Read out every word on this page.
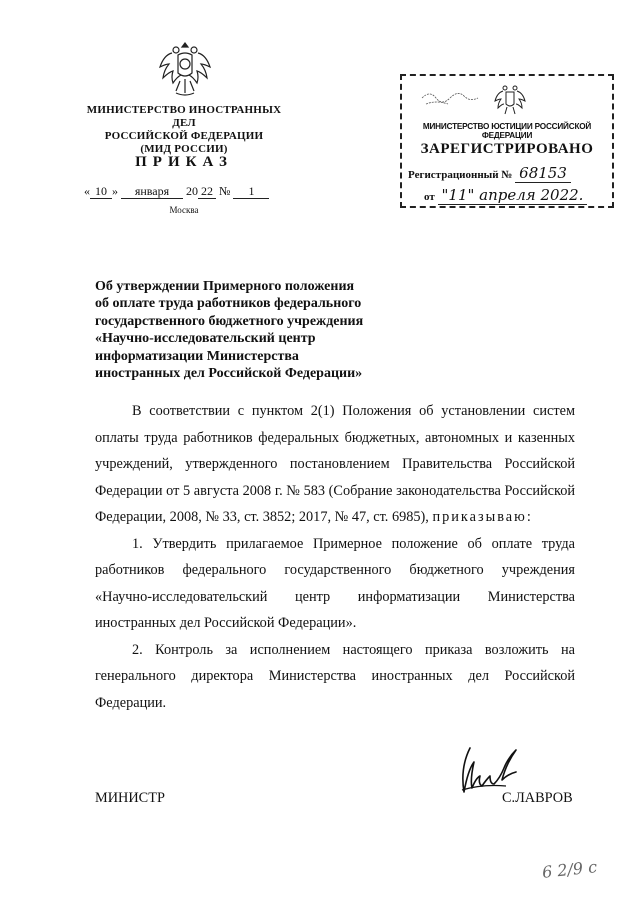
МИНИСТЕРСТВО ИНОСТРАННЫХ ДЕЛ
РОССИЙСКОЙ ФЕДЕРАЦИИ
(МИД РОССИИ)
ПРИКАЗ
« 10 » января 20 22 № 1
Москва
МИНИСТЕРСТВО ЮСТИЦИИ РОССИЙСКОЙ ФЕДЕРАЦИИ
ЗАРЕГИСТРИРОВАНО
Регистрационный № 68153
от "11" апреля 2022.
Об утверждении Примерного положения
об оплате труда работников федерального
государственного бюджетного учреждения
«Научно-исследовательский центр
информатизации Министерства
иностранных дел Российской Федерации»

В соответствии с пунктом 2(1) Положения об установлении систем оплаты труда работников федеральных бюджетных, автономных и казенных учреждений, утвержденного постановлением Правительства Российской Федерации от 5 августа 2008 г. № 583 (Собрание законодательства Российской Федерации, 2008, № 33, ст. 3852; 2017, № 47, ст. 6985), приказываю:

1. Утвердить прилагаемое Примерное положение об оплате труда работников федерального государственного бюджетного учреждения «Научно-исследовательский центр информатизации Министерства иностранных дел Российской Федерации».

2. Контроль за исполнением настоящего приказа возложить на генерального директора Министерства иностранных дел Российской Федерации.

МИНИСТР	С.ЛАВРОВ
6 2/9 с
